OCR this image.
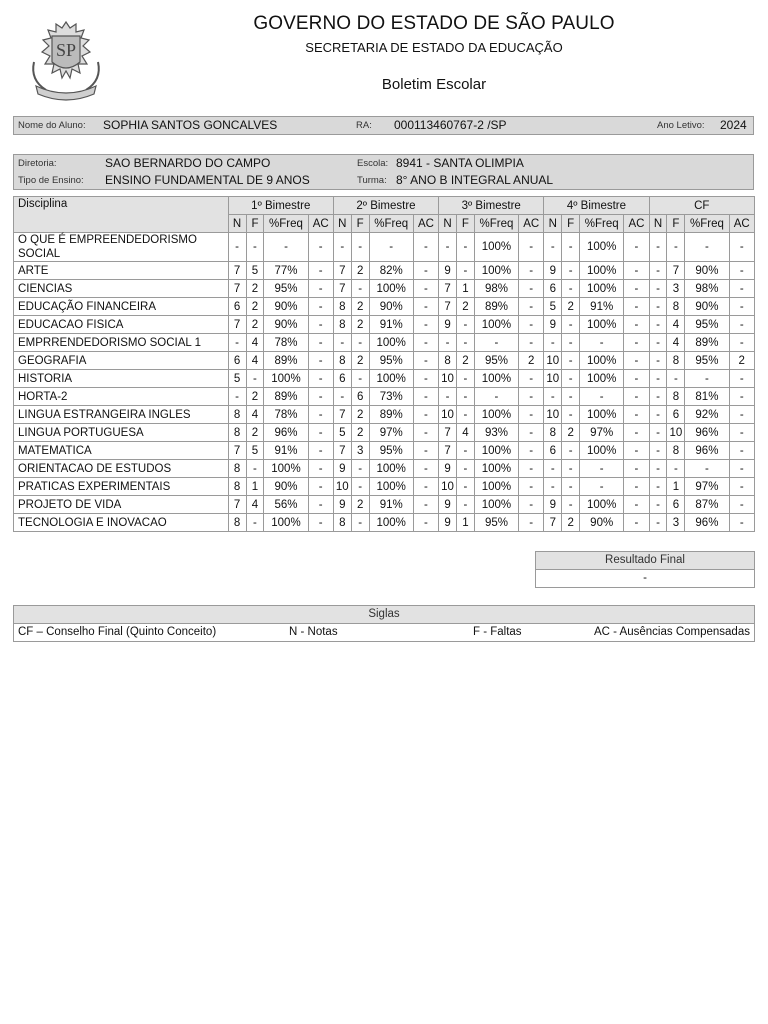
SP
GOVERNO DO ESTADO DE SÃO PAULO
SECRETARIA DE ESTADO DA EDUCAÇÃO
Boletim Escolar
Nome do Aluno: SOPHIA SANTOS GONCALVES	RA: 000113460767-2 /SP	Ano Letivo: 2024
Diretoria:	SAO BERNARDO DO CAMPO
Tipo de Ensino: ENSINO FUNDAMENTAL DE 9 ANOS
Escola: 8941 - SANTA OLIMPIA
Turma: 8° ANO B INTEGRAL ANUAL
Disciplina	1º Bimestre				2º Bimestre				3º Bimestre				4º Bimestre				CF			
	N	F	%Freq	AC	N	F	%Freq	AC	N	F	%Freq	AC	N	F	%Freq	AC	N	F	%Freq	AC
O QUE É EMPREENDEDORISMO SOCIAL	-	-	-	-	-	-	-	-	-	-	100%	-	-	-	100%	-	-	-	-	-
ARTE	7	5	77%	-	7	2	82%	-	9	-	100%	-	9	-	100%	-	-	7	90%	-
CIENCIAS	7	2	95%	-	7	-	100%	-	7	1	98%	-	6	-	100%	-	-	3	98%	-
EDUCAÇÃO FINANCEIRA	6	2	90%	-	8	2	90%	-	7	2	89%	-	5	2	91%	-	-	8	90%	-
EDUCACAO FISICA	7	2	90%	-	8	2	91%	-	9	-	100%	-	9	-	100%	-	-	4	95%	-
EMPRRENDEDORISMO SOCIAL 1	-	4	78%	-	-	-	100%	-	-	-	-	-	-	-	-	-	-	4	89%	-
GEOGRAFIA	6	4	89%	-	8	2	95%	-	8	2	95%	2	10	-	100%	-	-	8	95%	2
HISTORIA	5	-	100%	-	6	-	100%	-	10	-	100%	-	10	-	100%	-	-	-	-	-
HORTA-2	-	2	89%	-	-	6	73%	-	-	-	-	-	-	-	-	-	-	8	81%	-
LINGUA ESTRANGEIRA INGLES	8	4	78%	-	7	2	89%	-	10	-	100%	-	10	-	100%	-	-	6	92%	-
LINGUA PORTUGUESA	8	2	96%	-	5	2	97%	-	7	4	93%	-	8	2	97%	-	-	10	96%	-
MATEMATICA	7	5	91%	-	7	3	95%	-	7	-	100%	-	6	-	100%	-	-	8	96%	-
ORIENTACAO DE ESTUDOS	8	-	100%	-	9	-	100%	-	9	-	100%	-	-	-	-	-	-	-	-	-
PRATICAS EXPERIMENTAIS	8	1	90%	-	10	-	100%	-	10	-	100%	-	-	-	-	-	-	1	97%	-
PROJETO DE VIDA	7	4	56%	-	9	2	91%	-	9	-	100%	-	9	-	100%	-	-	6	87%	-
TECNOLOGIA E INOVACAO	8	-	100%	-	8	-	100%	-	9	1	95%	-	7	2	90%	-	-	3	96%	-
Resultado Final
-
Siglas
CF – Conselho Final (Quinto Conceito)	N - Notas	F - Faltas	AC - Ausências Compensadas
